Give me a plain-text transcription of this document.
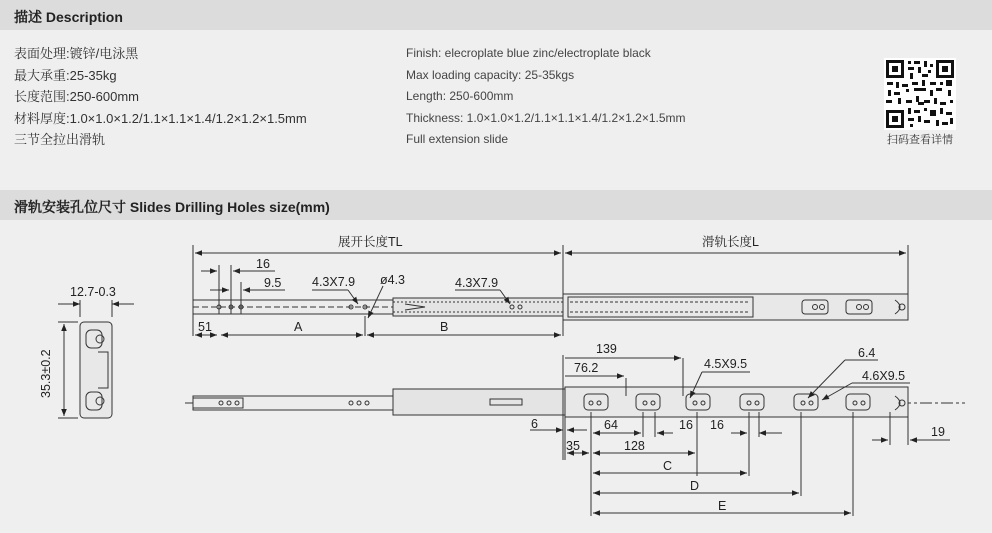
描述 Description
表面处理:镀锌/电泳黑
最大承重:25-35kg
长度范围:250-600mm
材料厚度:1.0×1.0×1.2/1.1×1.1×1.4/1.2×1.2×1.5mm
三节全拉出滑轨
Finish: elecroplate blue zinc/electroplate black
Max loading capacity: 25-35kgs
Length: 250-600mm
Thickness: 1.0×1.0×1.2/1.1×1.1×1.4/1.2×1.2×1.5mm
Full extension slide	扫码查看详情
滑轨安装孔位尺寸 Slides Drilling Holes size(mm)
12.7-0.3
35.3±0.2
展开长度TL	滑轨长度L
16
9.5 4.3X7.9 ø4.3	4.3X7.9
51	A	B
139
76.2	4.5X9.5
6.4
4.6X9.5
6	64	16 16	19
35	128
C
D
E
